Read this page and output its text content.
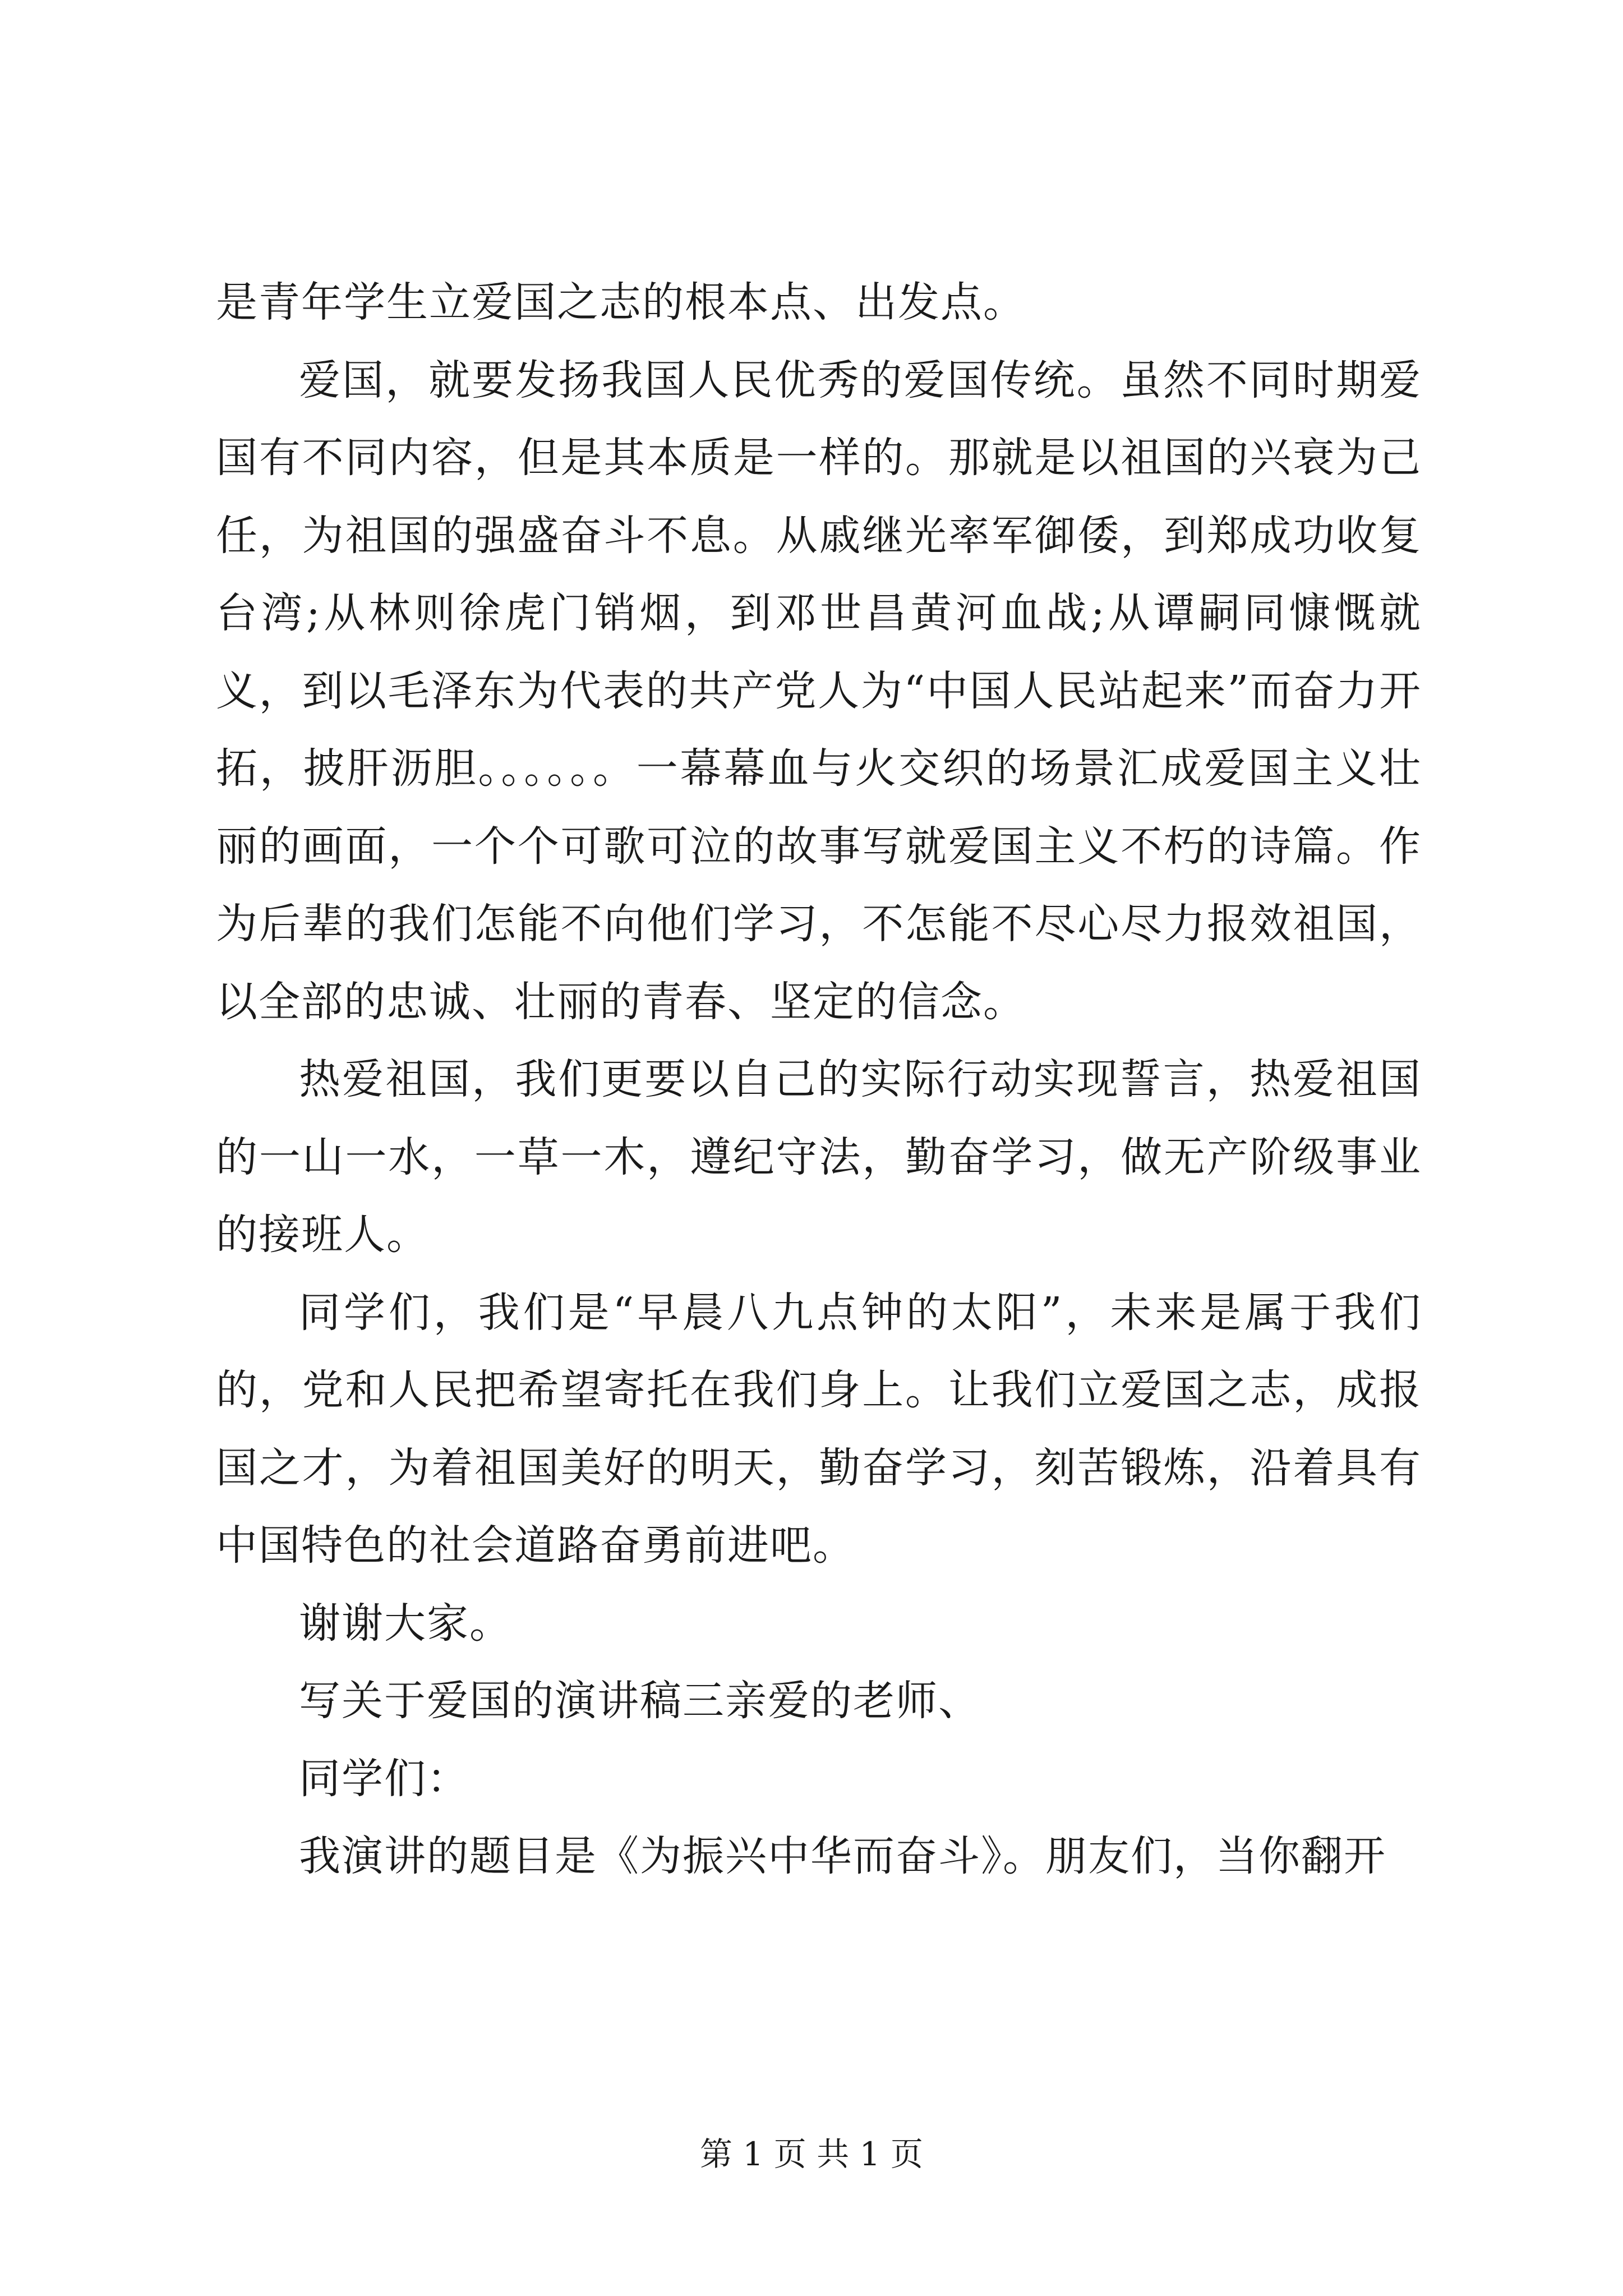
是青年学生立爱国之志的根本点、出发点。

爱国，就要发扬我国人民优秀的爱国传统。虽然不同时期爱国有不同内容，但是其本质是一样的。那就是以祖国的兴衰为己任，为祖国的强盛奋斗不息。从戚继光率军御倭，到郑成功收复台湾;从林则徐虎门销烟，到邓世昌黄河血战;从谭嗣同慷慨就义，到以毛泽东为代表的共产党人为“中国人民站起来”而奋力开拓，披肝沥胆。。。。。。一幕幕血与火交织的场景汇成爱国主义壮丽的画面，一个个可歌可泣的故事写就爱国主义不朽的诗篇。作为后辈的我们怎能不向他们学习，不怎能不尽心尽力报效祖国，以全部的忠诚、壮丽的青春、坚定的信念。

热爱祖国，我们更要以自己的实际行动实现誓言，热爱祖国的一山一水，一草一木，遵纪守法，勤奋学习，做无产阶级事业的接班人。

同学们，我们是“早晨八九点钟的太阳”，未来是属于我们的，党和人民把希望寄托在我们身上。让我们立爱国之志，成报国之才，为着祖国美好的明天，勤奋学习，刻苦锻炼，沿着具有中国特色的社会道路奋勇前进吧。

谢谢大家。

写关于爱国的演讲稿三亲爱的老师、

同学们：

我演讲的题目是《为振兴中华而奋斗》。朋友们，当你翻开

第 1 页 共 1 页
